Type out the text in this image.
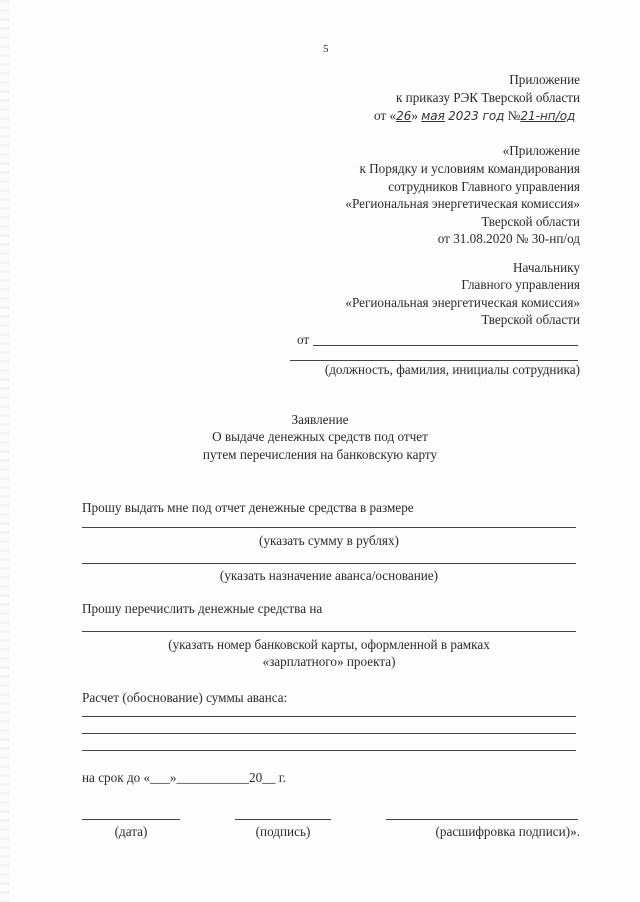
5
Приложение
к приказу РЭК Тверской области
от «26» мая 2023 год №21-нп/од
«Приложение
к Порядку и условиям командирования
сотрудников Главного управления
«Региональная энергетическая комиссия»
Тверской области
от 31.08.2020 № 30-нп/од
Начальнику
Главного управления
«Региональная энергетическая комиссия»
Тверской области
от
(должность, фамилия, инициалы сотрудника)
Заявление
О выдаче денежных средств под отчет
путем перечисления на банковскую карту
Прошу выдать мне под отчет денежные средства в размере
(указать сумму в рублях)
(указать назначение аванса/основание)
Прошу перечислить денежные средства на
(указать номер банковской карты, оформленной в рамках
«зарплатного» проекта)
Расчет (обоснование) суммы аванса:
на срок до «___»___________20__ г.
(дата)	(подпись)	(расшифровка подписи)».
